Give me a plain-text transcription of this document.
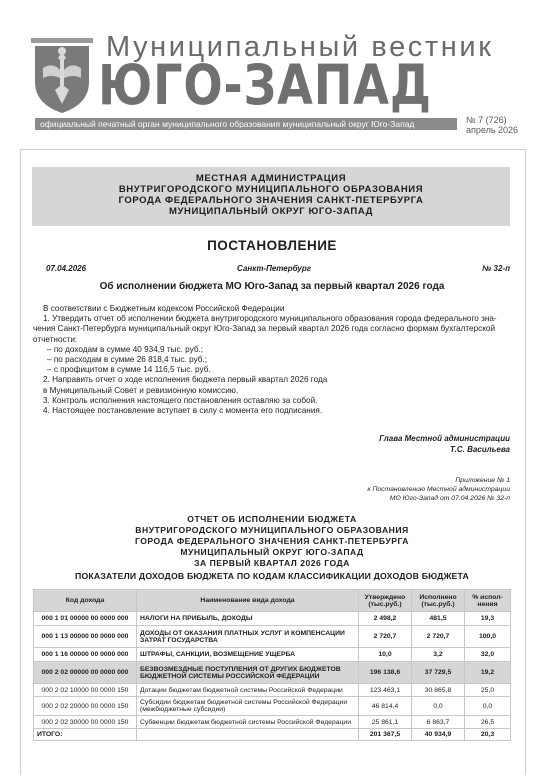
Муниципальный вестник
ЮГО-ЗАПАД
официальный печатный орган муниципального образования муниципальный округ Юго-Запад	№ 7 (726)
апрель 2026
МЕСТНАЯ АДМИНИСТРАЦИЯ
ВНУТРИГОРОДСКОГО МУНИЦИПАЛЬНОГО ОБРАЗОВАНИЯ
ГОРОДА ФЕДЕРАЛЬНОГО ЗНАЧЕНИЯ САНКТ-ПЕТЕРБУРГА
МУНИЦИПАЛЬНЫЙ ОКРУГ ЮГО-ЗАПАД
ПОСТАНОВЛЕНИЕ
07.04.2026	Санкт-Петербург	№ 32-п
Об исполнении бюджета МО Юго-Запад за первый квартал 2026 года

В соответствии с Бюджетным кодексом Российской Федерации

1. Утвердить отчет об исполнении бюджета внутригородского муниципального образования города федерального зна-

чения Санкт-Петербурга муниципальный округ Юго-Запад за первый квартал 2026 года согласно формам бухгалтерской

отчетности:

– по доходам в сумме 40 934,9 тыс. руб.;

– по расходам в сумме 26 818,4 тыс. руб.;

– с профицитом в сумме 14 116,5 тыс. руб.

2. Направить отчет о ходе исполнения бюджета первый квартал 2026 года

в Муниципальный Совет и ревизионную комиссию.

3. Контроль исполнения настоящего постановления оставляю за собой.

4. Настоящее постановление вступает в силу с момента его подписания.

Глава Местной администрации
Т.С. Васильева
Приложение № 1
к Постановлению Местной администрации
МО Юго-Запад от 07.04.2026 № 32-п
ОТЧЕТ ОБ ИСПОЛНЕНИИ БЮДЖЕТА
ВНУТРИГОРОДСКОГО МУНИЦИПАЛЬНОГО ОБРАЗОВАНИЯ
ГОРОДА ФЕДЕРАЛЬНОГО ЗНАЧЕНИЯ САНКТ-ПЕТЕРБУРГА
МУНИЦИПАЛЬНЫЙ ОКРУГ ЮГО-ЗАПАД
ЗА ПЕРВЫЙ КВАРТАЛ 2026 ГОДА
ПОКАЗАТЕЛИ ДОХОДОВ БЮДЖЕТА ПО КОДАМ КЛАССИФИКАЦИИ ДОХОДОВ БЮДЖЕТА
Код дохода	Наименование вида дохода	Утверждено (тыс.руб.)	Исполнено (тыс.руб.)	% испол- нения
000 1 01 00000 00 0000 000	НАЛОГИ НА ПРИБЫЛЬ, ДОХОДЫ	2 498,2	481,5	19,3
000 1 13 00000 00 0000 000	ДОХОДЫ ОТ ОКАЗАНИЯ ПЛАТНЫХ УСЛУГ И КОМПЕНСАЦИИ ЗАТРАТ ГОСУДАРСТВА	2 720,7	2 720,7	100,0
000 1 16 00000 00 0000 000	ШТРАФЫ, САНКЦИИ, ВОЗМЕЩЕНИЕ УЩЕРБА	10,0	3,2	32,0
000 2 02 00000 00 0000 000	БЕЗВОЗМЕЗДНЫЕ ПОСТУПЛЕНИЯ ОТ ДРУГИХ БЮДЖЕТОВ БЮДЖЕТНОЙ СИСТЕМЫ РОССИЙСКОЙ ФЕДЕРАЦИИ	196 138,6	37 729,5	19,2
000 2 02 10000 00 0000 150	Дотации бюджетам бюджетной системы Российской Федерации	123 463,1	30 865,8	25,0
000 2 02 20000 00 0000 150	Субсидии бюджетам бюджетной системы Российской Федерации (межбюджетные субсидии)	46 814,4	0,0	0,0
000 2 02 30000 00 0000 150	Субвенции бюджетам бюджетной системы Российской Федерации	25 861,1	6 863,7	26,5
ИТОГО:		201 367,5	40 934,9	20,3
